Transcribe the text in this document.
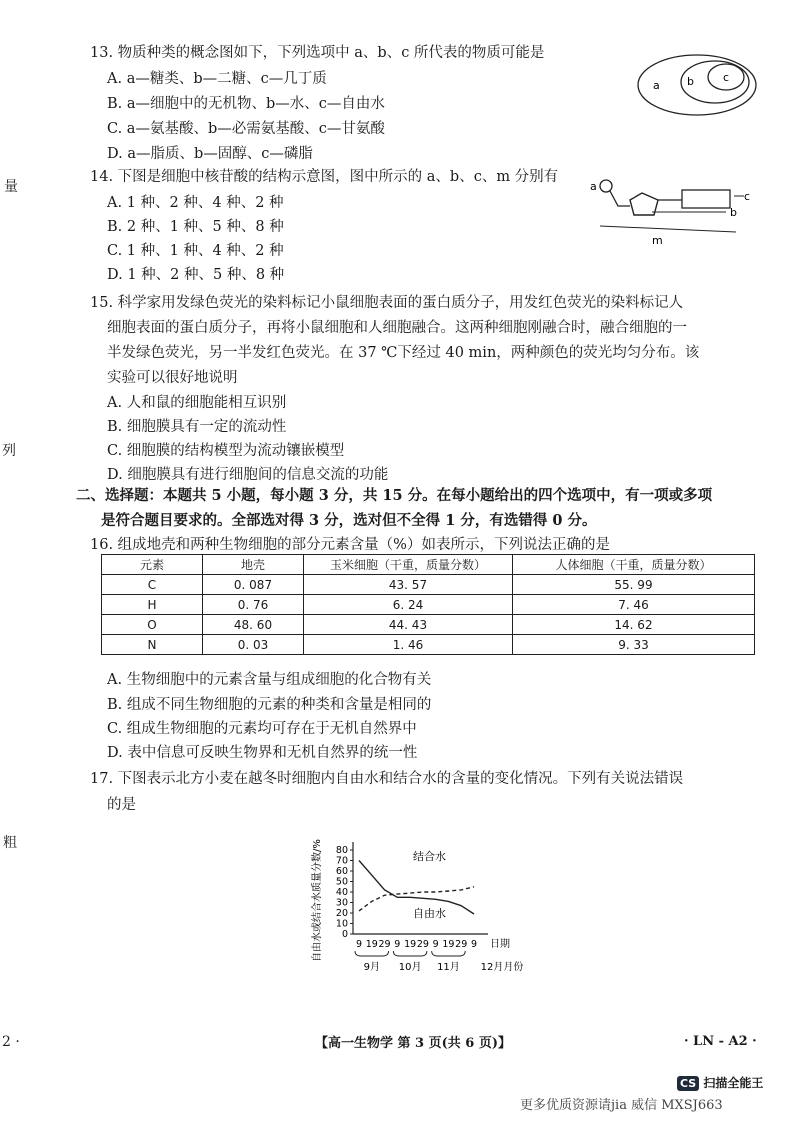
量
列
粗
2 ·
13. 物质种类的概念图如下，下列选项中 a、b、c 所代表的物质可能是
A. a—糖类、b—二糖、c—几丁质
B. a—细胞中的无机物、b—水、c—自由水
C. a—氨基酸、b—必需氨基酸、c—甘氨酸
D. a—脂质、b—固醇、c—磷脂
a b	c
14. 下图是细胞中核苷酸的结构示意图，图中所示的 a、b、c、m 分别有
A. 1 种、2 种、4 种、2 种
B. 2 种、1 种、5 种、8 种
C. 1 种、1 种、4 种、2 种
D. 1 种、2 种、5 种、8 种
a
c
b
m
15. 科学家用发绿色荧光的染料标记小鼠细胞表面的蛋白质分子，用发红色荧光的染料标记人
细胞表面的蛋白质分子，再将小鼠细胞和人细胞融合。这两种细胞刚融合时，融合细胞的一
半发绿色荧光，另一半发红色荧光。在 37 ℃下经过 40 min，两种颜色的荧光均匀分布。该
实验可以很好地说明
A. 人和鼠的细胞能相互识别
B. 细胞膜具有一定的流动性
C. 细胞膜的结构模型为流动镶嵌模型
D. 细胞膜具有进行细胞间的信息交流的功能
二、选择题：本题共 5 小题，每小题 3 分，共 15 分。在每小题给出的四个选项中，有一项或多项
是符合题目要求的。全部选对得 3 分，选对但不全得 1 分，有选错得 0 分。
16. 组成地壳和两种生物细胞的部分元素含量（%）如表所示，下列说法正确的是
元素	地壳	玉米细胞（干重，质量分数）	人体细胞（干重，质量分数）
C	0. 087	43. 57	55. 99
H	0. 76	6. 24	7. 46
O	48. 60	44. 43	14. 62
N	0. 03	1. 46	9. 33
A. 生物细胞中的元素含量与组成细胞的化合物有关
B. 组成不同生物细胞的元素的种类和含量是相同的
C. 组成生物细胞的元素均可存在于无机自然界中
D. 表中信息可反映生物界和无机自然界的统一性
17. 下图表示北方小麦在越冬时细胞内自由水和结合水的含量的变化情况。下列有关说法错误
的是
自由水或结合水质量分数/% 0
10
20
30
40
50
60
70
80
9 19 29 9 19 29 9 19 29 9 日期
9月 10月 11月 12月月份
结合水
自由水
【高一生物学 第 3 页(共 6 页)】	· LN - A2 ·
CS 扫描全能王
更多优质资源请jia 威信 MXSJ663
